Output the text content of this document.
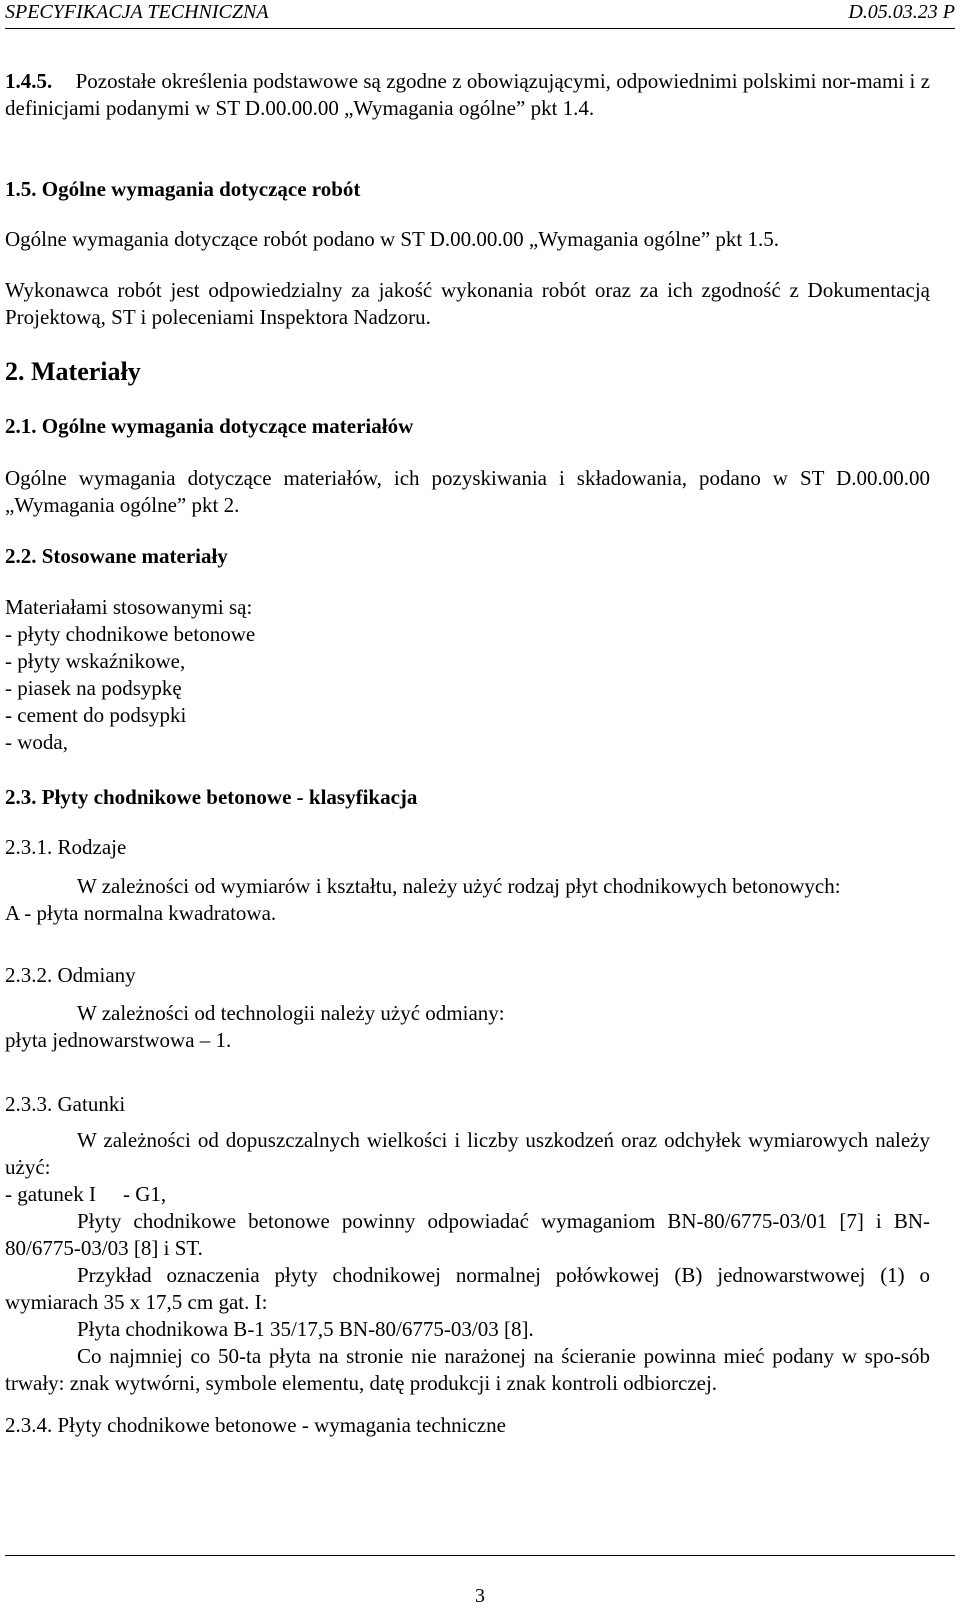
SPECYFIKACJA TECHNICZNA	D.05.03.23 P
1.4.5. Pozostałe określenia podstawowe są zgodne z obowiązującymi, odpowiednimi polskimi nor-mami i z definicjami podanymi w ST D.00.00.00 „Wymagania ogólne” pkt 1.4.
1.5. Ogólne wymagania dotyczące robót
Ogólne wymagania dotyczące robót podano w ST D.00.00.00 „Wymagania ogólne” pkt 1.5.
Wykonawca robót jest odpowiedzialny za jakość wykonania robót oraz za ich zgodność z Dokumentacją Projektową, ST i poleceniami Inspektora Nadzoru.
2. Materiały
2.1. Ogólne wymagania dotyczące materiałów
Ogólne wymagania dotyczące materiałów, ich pozyskiwania i składowania, podano w ST D.00.00.00 „Wymagania ogólne” pkt 2.
2.2. Stosowane materiały
Materiałami stosowanymi są:
- płyty chodnikowe betonowe
- płyty wskaźnikowe,
- piasek na podsypkę
- cement do podsypki
- woda,
2.3. Płyty chodnikowe betonowe - klasyfikacja
2.3.1. Rodzaje
W zależności od wymiarów i kształtu, należy użyć rodzaj płyt chodnikowych betonowych:
A - płyta normalna kwadratowa.
2.3.2. Odmiany
W zależności od technologii należy użyć odmiany:
płyta jednowarstwowa – 1.
2.3.3. Gatunki
W zależności od dopuszczalnych wielkości i liczby uszkodzeń oraz odchyłek wymiarowych należy użyć:
- gatunek I - G1,
Płyty chodnikowe betonowe powinny odpowiadać wymaganiom BN-80/6775-03/01 [7] i BN-80/6775-03/03 [8] i ST.
Przykład oznaczenia płyty chodnikowej normalnej połówkowej (B) jednowarstwowej (1) o wymiarach 35 x 17,5 cm gat. I:
Płyta chodnikowa B-1 35/17,5 BN-80/6775-03/03 [8].
Co najmniej co 50-ta płyta na stronie nie narażonej na ścieranie powinna mieć podany w spo-sób trwały: znak wytwórni, symbole elementu, datę produkcji i znak kontroli odbiorczej.
2.3.4. Płyty chodnikowe betonowe - wymagania techniczne
3
